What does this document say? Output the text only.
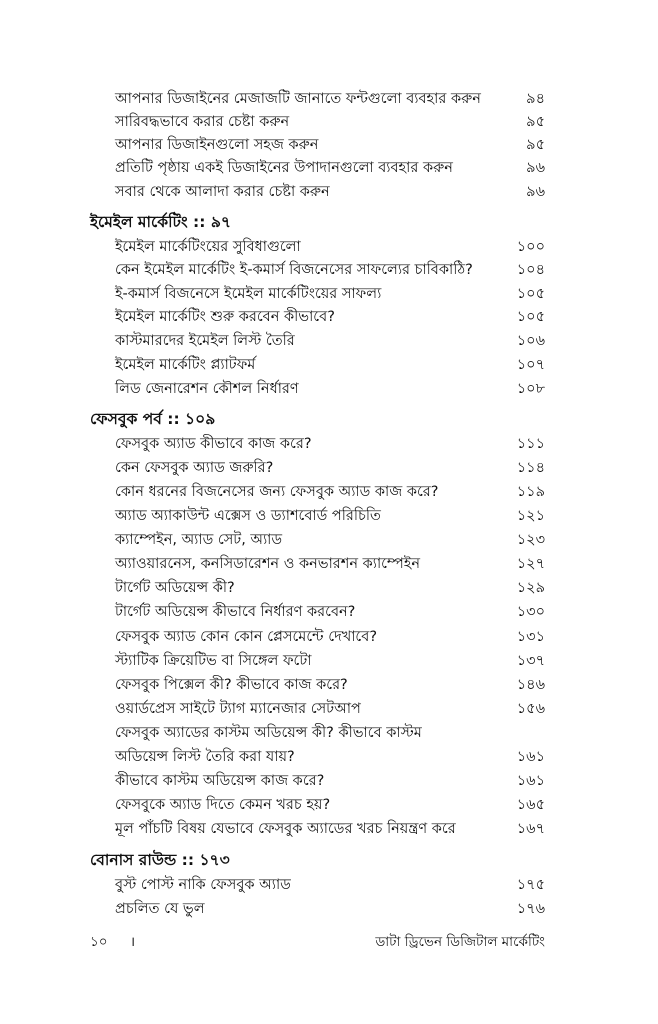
আপনার ডিজাইনের মেজাজটি জানাতে ফন্টগুলো ব্যবহার করুন	৯৪
সারিবদ্ধভাবে করার চেষ্টা করুন	৯৫
আপনার ডিজাইনগুলো সহজ করুন	৯৫
প্রতিটি পৃষ্ঠায় একই ডিজাইনের উপাদানগুলো ব্যবহার করুন	৯৬
সবার থেকে আলাদা করার চেষ্টা করুন	৯৬
ইমেইল মার্কেটিং :: ৯৭
ইমেইল মার্কেটিংয়ের সুবিধাগুলো	১০০
কেন ইমেইল মার্কেটিং ই-কমার্স বিজনেসের সাফল্যের চাবিকাঠি?	১০৪
ই-কমার্স বিজনেসে ইমেইল মার্কেটিংয়ের সাফল্য	১০৫
ইমেইল মার্কেটিং শুরু করবেন কীভাবে?	১০৫
কাস্টমারদের ইমেইল লিস্ট তৈরি	১০৬
ইমেইল মার্কেটিং প্ল্যাটফর্ম	১০৭
লিড জেনারেশন কৌশল নির্ধারণ	১০৮
ফেসবুক পর্ব :: ১০৯
ফেসবুক অ্যাড কীভাবে কাজ করে?	১১১
কেন ফেসবুক অ্যাড জরুরি?	১১৪
কোন ধরনের বিজনেসের জন্য ফেসবুক অ্যাড কাজ করে?	১১৯
অ্যাড অ্যাকাউন্ট এক্সেস ও ড্যাশবোর্ড পরিচিতি	১২১
ক্যাম্পেইন, অ্যাড সেট, অ্যাড	১২৩
অ্যাওয়ারনেস, কনসিডারেশন ও কনভারশন ক্যাম্পেইন	১২৭
টার্গেট অডিয়েন্স কী?	১২৯
টার্গেট অডিয়েন্স কীভাবে নির্ধারণ করবেন?	১৩০
ফেসবুক অ্যাড কোন কোন প্লেসমেন্টে দেখাবে?	১৩১
স্ট্যাটিক ক্রিয়েটিভ বা সিঙ্গেল ফটো	১৩৭
ফেসবুক পিক্সেল কী? কীভাবে কাজ করে?	১৪৬
ওয়ার্ডপ্রেস সাইটে ট্যাগ ম্যানেজার সেটআপ	১৫৬
ফেসবুক অ্যাডের কাস্টম অডিয়েন্স কী? কীভাবে কাস্টম
অডিয়েন্স লিস্ট তৈরি করা যায়?	১৬১
কীভাবে কাস্টম অডিয়েন্স কাজ করে?	১৬১
ফেসবুকে অ্যাড দিতে কেমন খরচ হয়?	১৬৫
মূল পাঁচটি বিষয় যেভাবে ফেসবুক অ্যাডের খরচ নিয়ন্ত্রণ করে	১৬৭
বোনাস রাউন্ড :: ১৭৩
বুস্ট পোস্ট নাকি ফেসবুক অ্যাড	১৭৫
প্রচলিত যে ভুল	১৭৬
১০ ।	ডাটা ড্রিভেন ডিজিটাল মার্কেটিং
